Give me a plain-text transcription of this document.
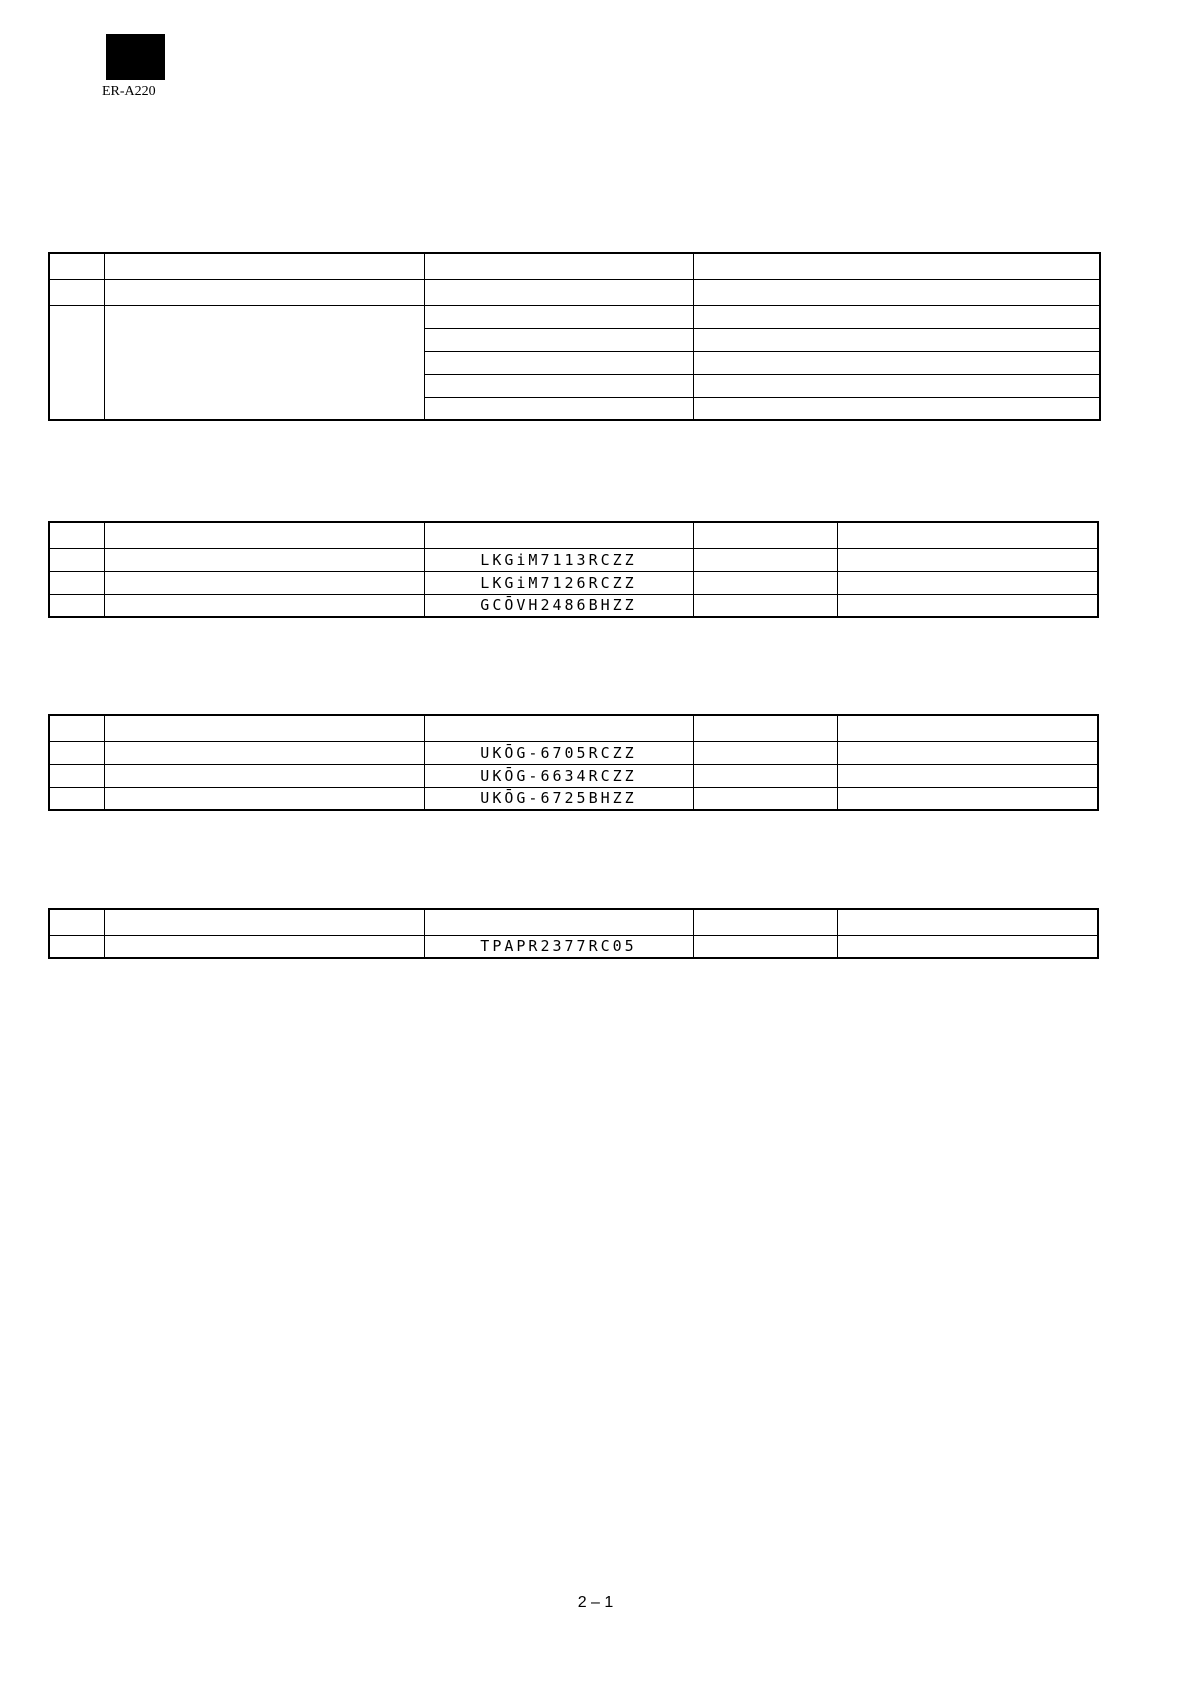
ER-A220

		LKGiM7113RCZZ		
		LKGiM7126RCZZ		
		GCŌVH2486BHZZ		

		UKŌG-6705RCZZ		
		UKŌG-6634RCZZ		
		UKŌG-6725BHZZ		

		TPAPR2377RC05		
2 – 1
